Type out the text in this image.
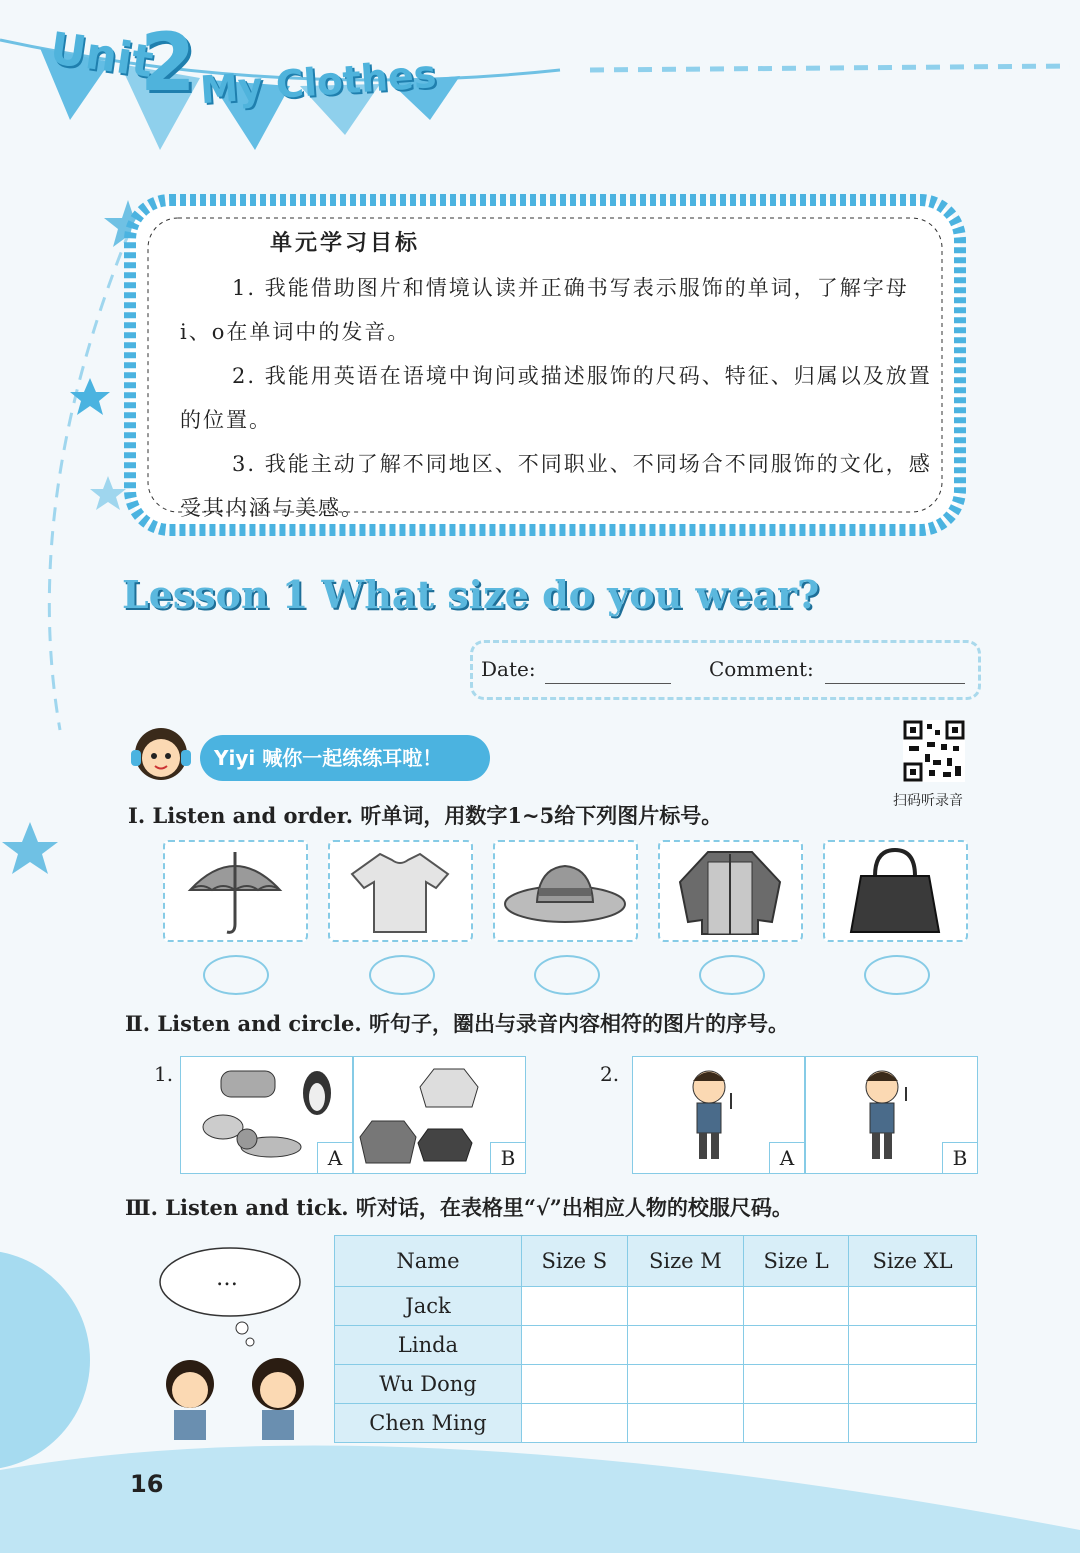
Unit
2 My Clothes
单元学习目标
1. 我能借助图片和情境认读并正确书写表示服饰的单词，了解字母i、o在单词中的发音。
2. 我能用英语在语境中询问或描述服饰的尺码、特征、归属以及放置的位置。
3. 我能主动了解不同地区、不同职业、不同场合不同服饰的文化，感受其内涵与美感。
Lesson 1 What size do you wear?
Date:	Comment:
Yiyi 喊你一起练练耳啦！
扫码听录音
Ⅰ. Listen and order. 听单词，用数字1~5给下列图片标号。
Ⅱ. Listen and circle. 听句子，圈出与录音内容相符的图片的序号。
1.
A	B
2.
A	B
Ⅲ. Listen and tick. 听对话，在表格里“√”出相应人物的校服尺码。
…
Name	Size S	Size M	Size L	Size XL
Jack				
Linda				
Wu Dong				
Chen Ming				
16
